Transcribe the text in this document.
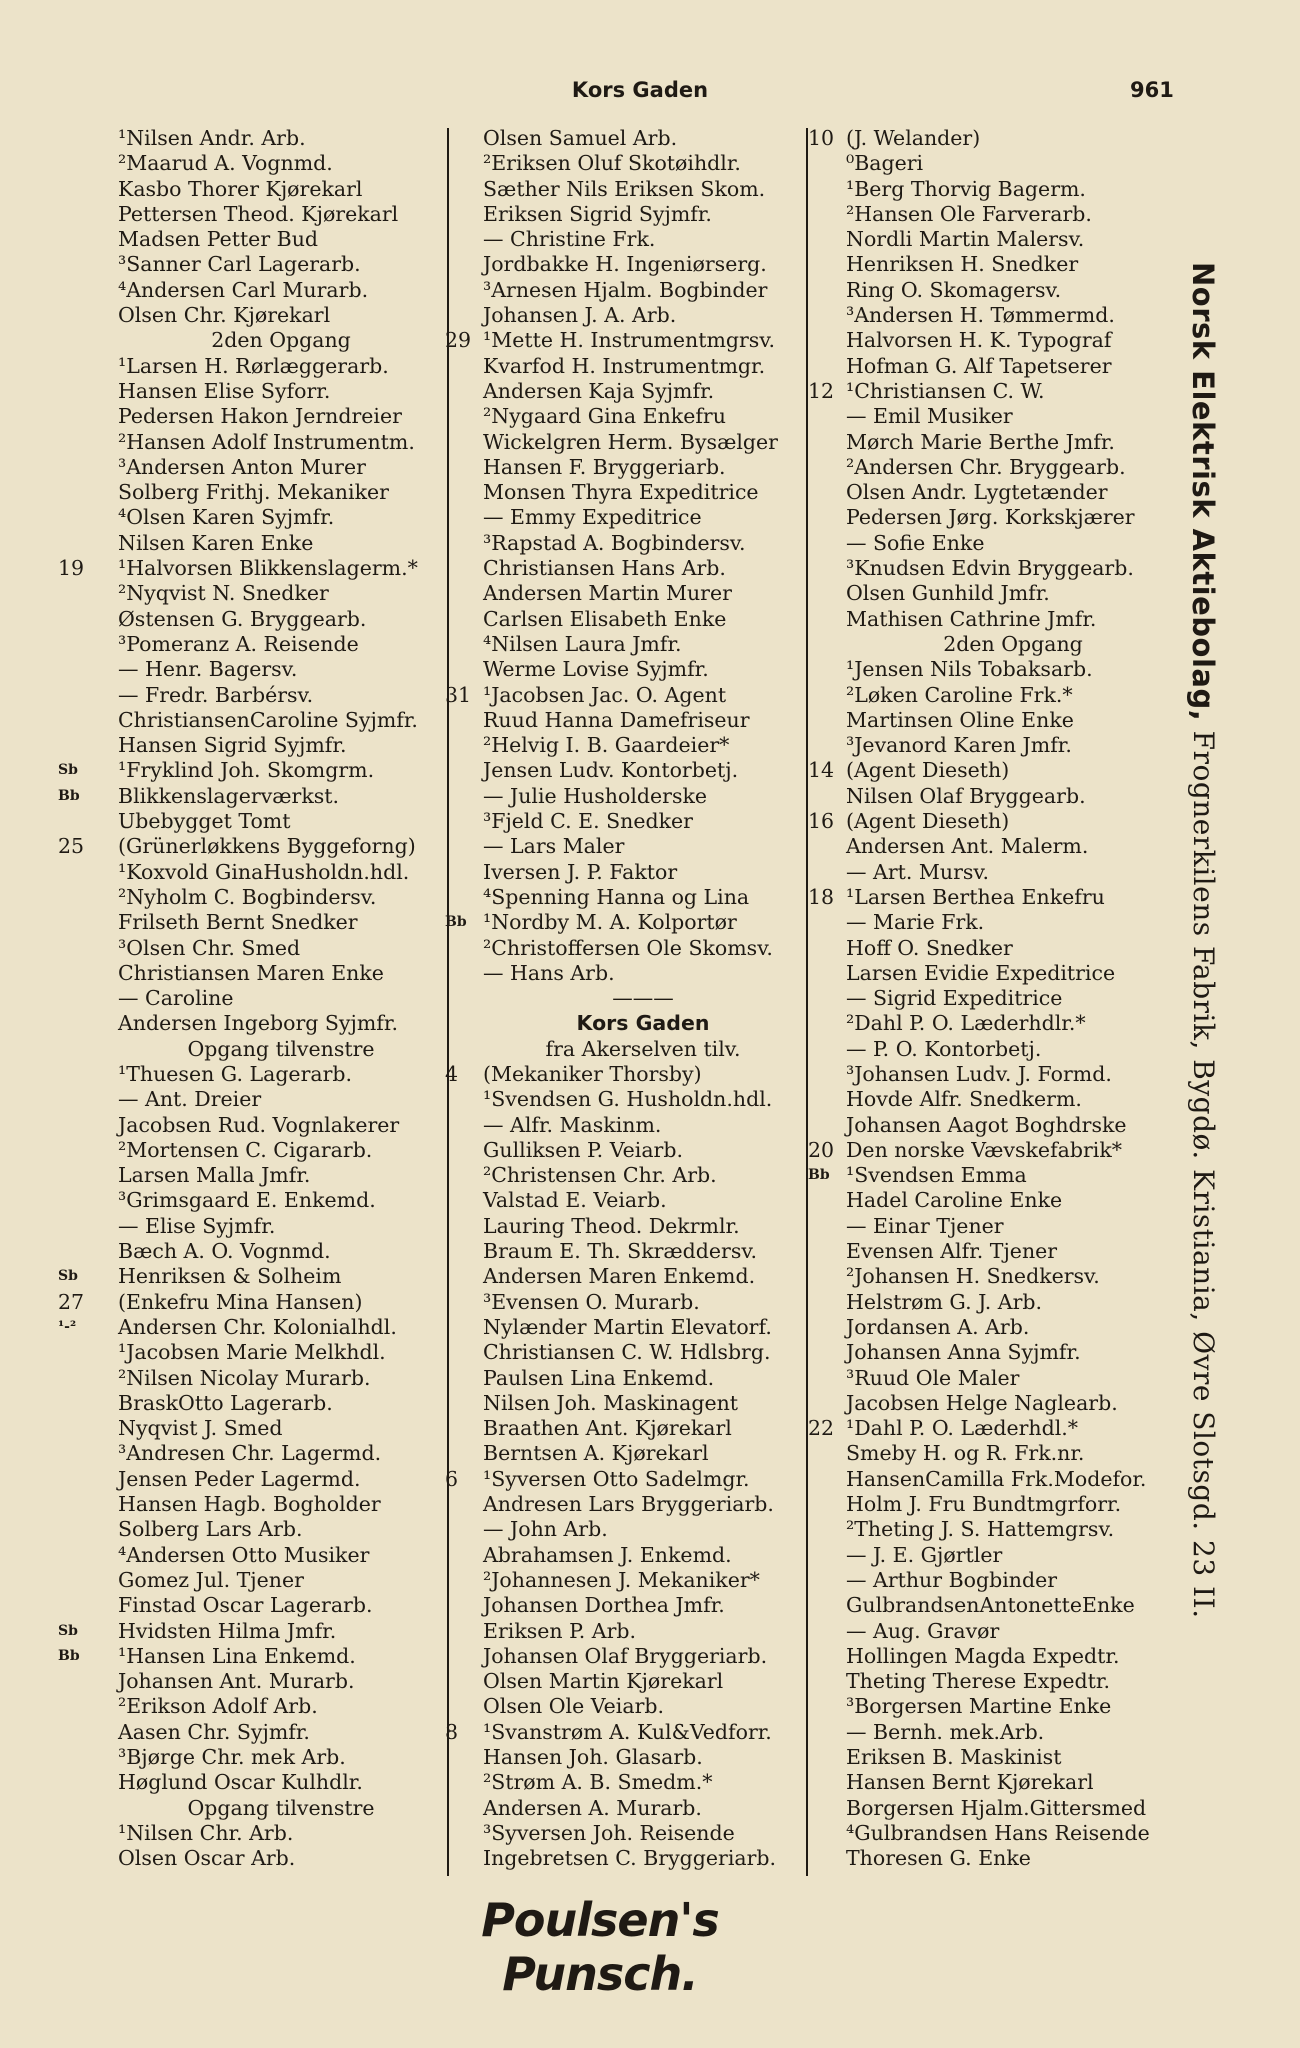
Kors Gaden	961
¹Nilsen Andr. Arb.
²Maarud A. Vognmd.
Kasbo Thorer Kjørekarl
Pettersen Theod. Kjørekarl
Madsen Petter Bud
³Sanner Carl Lagerarb.
⁴Andersen Carl Murarb.
Olsen Chr. Kjørekarl
2den Opgang
¹Larsen H. Rørlæggerarb.
Hansen Elise Syforr.
Pedersen Hakon Jerndreier
²Hansen Adolf Instrumentm.
³Andersen Anton Murer
Solberg Frithj. Mekaniker
⁴Olsen Karen Syjmfr.
Nilsen Karen Enke
19 ¹Halvorsen Blikkenslagerm.*
²Nyqvist N. Snedker
Østensen G. Bryggearb.
³Pomeranz A. Reisende
— Henr. Bagersv.
— Fredr. Barbérsv.
ChristiansenCaroline Syjmfr.
Hansen Sigrid Syjmfr.
Sb ¹Fryklind Joh. Skomgrm.
Bb Blikkenslagerværkst.
Ubebygget Tomt
25 (Grünerløkkens Byggeforng)
¹Koxvold GinaHusholdn.hdl.
²Nyholm C. Bogbindersv.
Frilseth Bernt Snedker
³Olsen Chr. Smed
Christiansen Maren Enke
— Caroline
Andersen Ingeborg Syjmfr.
Opgang tilvenstre
¹Thuesen G. Lagerarb.
— Ant. Dreier
Jacobsen Rud. Vognlakerer
²Mortensen C. Cigararb.
Larsen Malla Jmfr.
³Grimsgaard E. Enkemd.
— Elise Syjmfr.
Bæch A. O. Vognmd.
Sb Henriksen & Solheim
27 (Enkefru Mina Hansen)
¹-² Andersen Chr. Kolonialhdl.
¹Jacobsen Marie Melkhdl.
²Nilsen Nicolay Murarb.
BraskOtto Lagerarb.
Nyqvist J. Smed
³Andresen Chr. Lagermd.
Jensen Peder Lagermd.
Hansen Hagb. Bogholder
Solberg Lars Arb.
⁴Andersen Otto Musiker
Gomez Jul. Tjener
Finstad Oscar Lagerarb.
Sb Hvidsten Hilma Jmfr.
Bb ¹Hansen Lina Enkemd.
Johansen Ant. Murarb.
²Erikson Adolf Arb.
Aasen Chr. Syjmfr.
³Bjørge Chr. mek Arb.
Høglund Oscar Kulhdlr.
Opgang tilvenstre
¹Nilsen Chr. Arb.
Olsen Oscar Arb.
Olsen Samuel Arb.
²Eriksen Oluf Skotøihdlr.
Sæther Nils Eriksen Skom.
Eriksen Sigrid Syjmfr.
— Christine Frk.
Jordbakke H. Ingeniørserg.
³Arnesen Hjalm. Bogbinder
Johansen J. A. Arb.
29 ¹Mette H. Instrumentmgrsv.
Kvarfod H. Instrumentmgr.
Andersen Kaja Syjmfr.
²Nygaard Gina Enkefru
Wickelgren Herm. Bysælger
Hansen F. Bryggeriarb.
Monsen Thyra Expeditrice
— Emmy Expeditrice
³Rapstad A. Bogbindersv.
Christiansen Hans Arb.
Andersen Martin Murer
Carlsen Elisabeth Enke
⁴Nilsen Laura Jmfr.
Werme Lovise Syjmfr.
31 ¹Jacobsen Jac. O. Agent
Ruud Hanna Damefriseur
²Helvig I. B. Gaardeier*
Jensen Ludv. Kontorbetj.
— Julie Husholderske
³Fjeld C. E. Snedker
— Lars Maler
Iversen J. P. Faktor
⁴Spenning Hanna og Lina
Bb ¹Nordby M. A. Kolportør
²Christoffersen Ole Skomsv.
— Hans Arb.
———
Kors Gaden
fra Akerselven tilv.
4 (Mekaniker Thorsby)
¹Svendsen G. Husholdn.hdl.
— Alfr. Maskinm.
Gulliksen P. Veiarb.
²Christensen Chr. Arb.
Valstad E. Veiarb.
Lauring Theod. Dekrmlr.
Braum E. Th. Skræddersv.
Andersen Maren Enkemd.
³Evensen O. Murarb.
Nylænder Martin Elevatorf.
Christiansen C. W. Hdlsbrg.
Paulsen Lina Enkemd.
Nilsen Joh. Maskinagent
Braathen Ant. Kjørekarl
Berntsen A. Kjørekarl
6 ¹Syversen Otto Sadelmgr.
Andresen Lars Bryggeriarb.
— John Arb.
Abrahamsen J. Enkemd.
²Johannesen J. Mekaniker*
Johansen Dorthea Jmfr.
Eriksen P. Arb.
Johansen Olaf Bryggeriarb.
Olsen Martin Kjørekarl
Olsen Ole Veiarb.
8 ¹Svanstrøm A. Kul&Vedforr.
Hansen Joh. Glasarb.
²Strøm A. B. Smedm.*
Andersen A. Murarb.
³Syversen Joh. Reisende
Ingebretsen C. Bryggeriarb.
10 (J. Welander)
⁰Bageri
¹Berg Thorvig Bagerm.
²Hansen Ole Farverarb.
Nordli Martin Malersv.
Henriksen H. Snedker
Ring O. Skomagersv.
³Andersen H. Tømmermd.
Halvorsen H. K. Typograf
Hofman G. Alf Tapetserer
12 ¹Christiansen C. W.
— Emil Musiker
Mørch Marie Berthe Jmfr.
²Andersen Chr. Bryggearb.
Olsen Andr. Lygtetænder
Pedersen Jørg. Korkskjærer
— Sofie Enke
³Knudsen Edvin Bryggearb.
Olsen Gunhild Jmfr.
Mathisen Cathrine Jmfr.
2den Opgang
¹Jensen Nils Tobaksarb.
²Løken Caroline Frk.*
Martinsen Oline Enke
³Jevanord Karen Jmfr.
14 (Agent Dieseth)
Nilsen Olaf Bryggearb.
16 (Agent Dieseth)
Andersen Ant. Malerm.
— Art. Mursv.
18 ¹Larsen Berthea Enkefru
— Marie Frk.
Hoff O. Snedker
Larsen Evidie Expeditrice
— Sigrid Expeditrice
²Dahl P. O. Læderhdlr.*
— P. O. Kontorbetj.
³Johansen Ludv. J. Formd.
Hovde Alfr. Snedkerm.
Johansen Aagot Boghdrske
20 Den norske Vævskefabrik*
Bb ¹Svendsen Emma
Hadel Caroline Enke
— Einar Tjener
Evensen Alfr. Tjener
²Johansen H. Snedkersv.
Helstrøm G. J. Arb.
Jordansen A. Arb.
Johansen Anna Syjmfr.
³Ruud Ole Maler
Jacobsen Helge Naglearb.
22 ¹Dahl P. O. Læderhdl.*
Smeby H. og R. Frk.nr.
HansenCamilla Frk.Modefor.
Holm J. Fru Bundtmgrforr.
²Theting J. S. Hattemgrsv.
— J. E. Gjørtler
— Arthur Bogbinder
GulbrandsenAntonetteEnke
— Aug. Gravør
Hollingen Magda Expedtr.
Theting Therese Expedtr.
³Borgersen Martine Enke
— Bernh. mek.Arb.
Eriksen B. Maskinist
Hansen Bernt Kjørekarl
Borgersen Hjalm.Gittersmed
⁴Gulbrandsen Hans Reisende
Thoresen G. Enke
Norsk Elektrisk Aktiebolag, Frognerkilens Fabrik, Bygdø. Kristiania, Øvre Slotsgd. 23 II.
Poulsen's Punsch.
